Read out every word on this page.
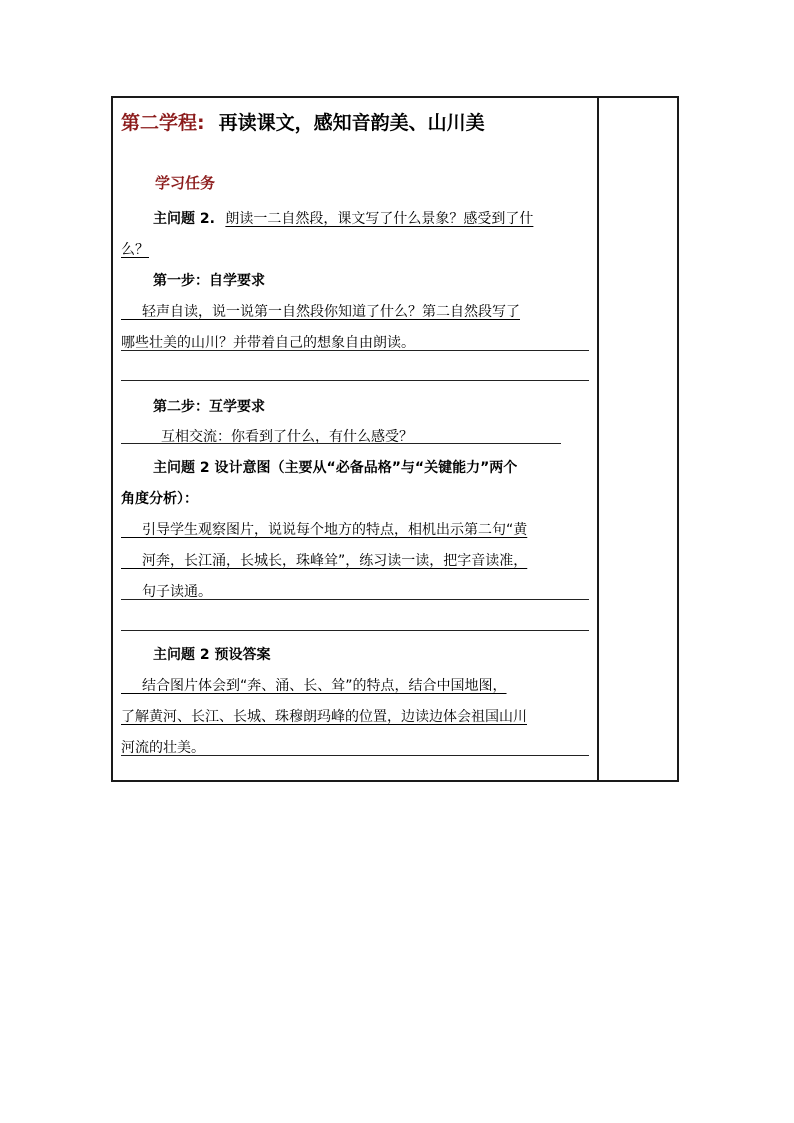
第二学程: 再读课文，感知音韵美、山川美
学习任务
主问题 2. 朗读一二自然段，课文写了什么景象？感受到了什
么？
第一步：自学要求
  轻声自读，说一说第一自然段你知道了什么？第二自然段写了
哪些壮美的山川？并带着自己的想象自由朗读。
第二步：互学要求
互相交流：你看到了什么，有什么感受？
主问题 2 设计意图（主要从“必备品格”与“关键能力”两个
角度分析）：
  引导学生观察图片，说说每个地方的特点，相机出示第二句“黄
  河奔，长江涌，长城长，珠峰耸”，练习读一读，把字音读准，
  句子读通。
主问题 2 预设答案
  结合图片体会到“奔、涌、长、耸”的特点，结合中国地图，
了解黄河、长江、长城、珠穆朗玛峰的位置，边读边体会祖国山川
河流的壮美。
